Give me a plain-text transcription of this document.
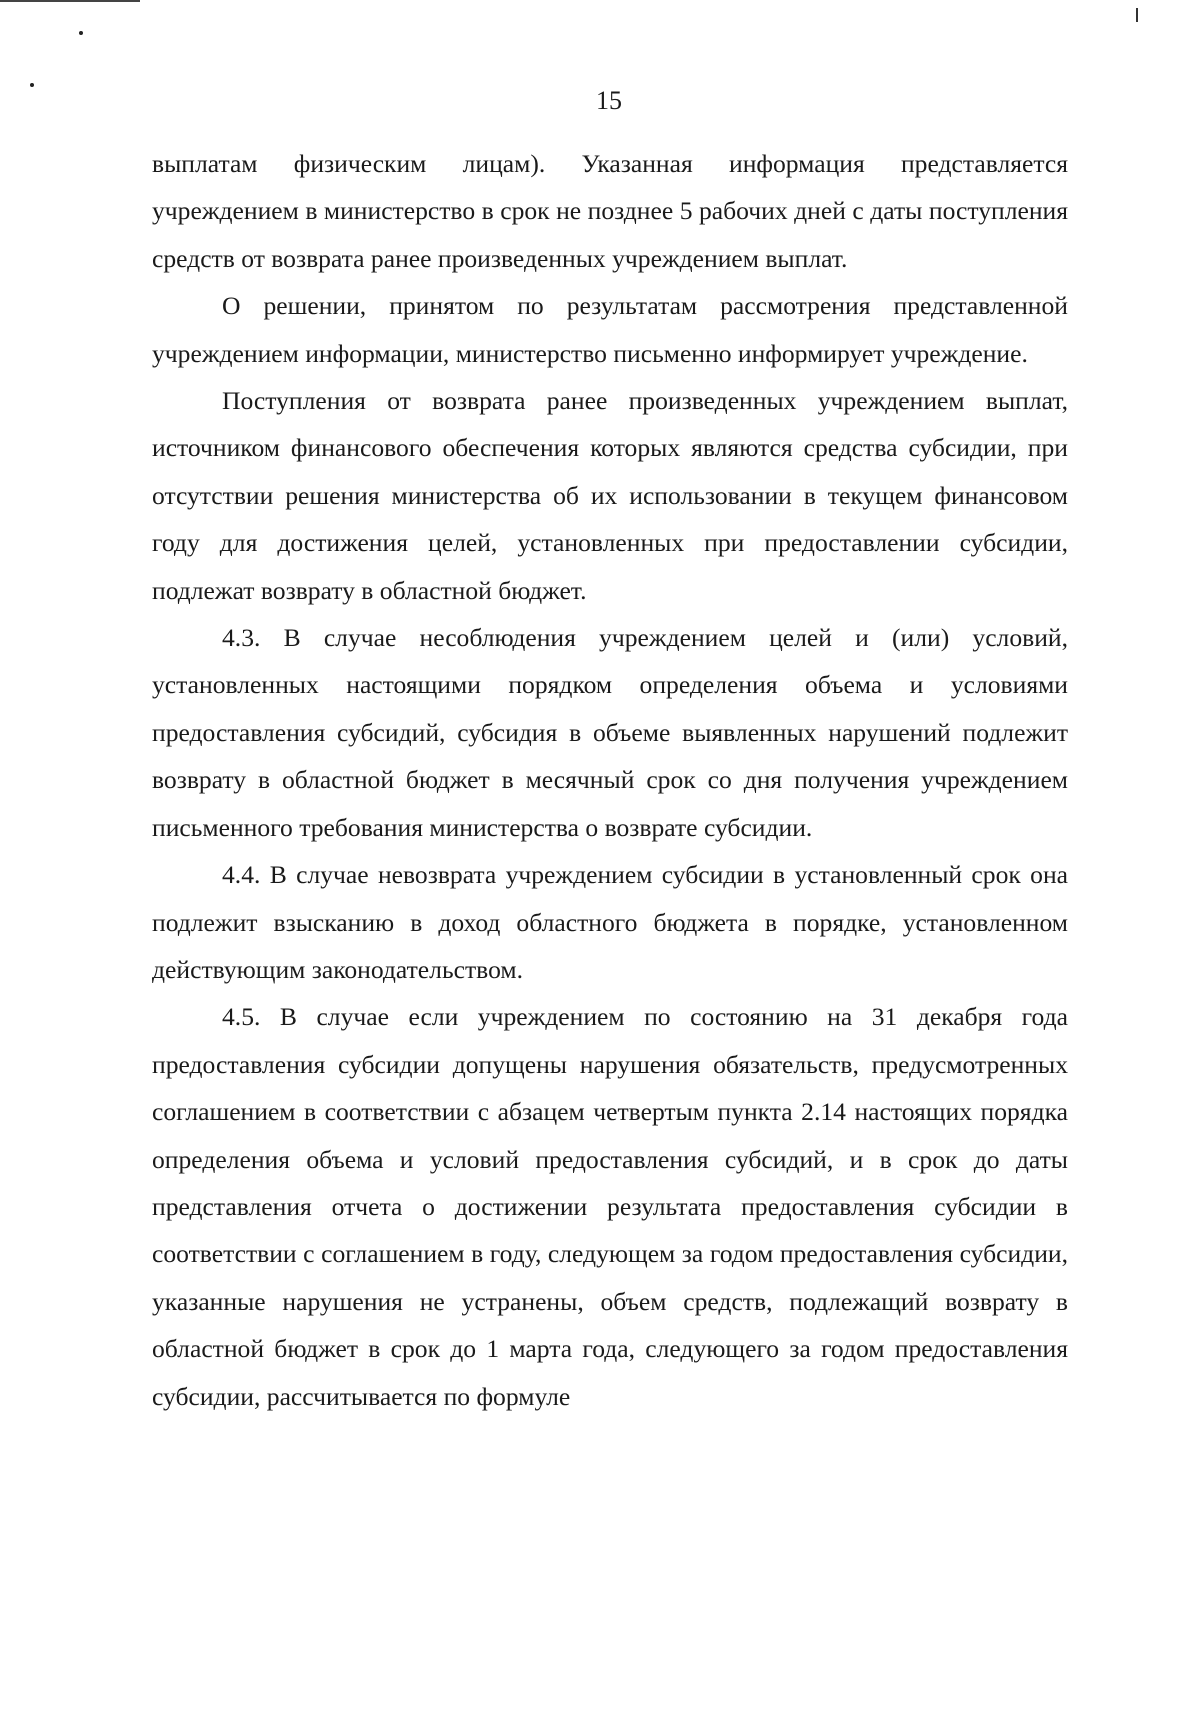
15

выплатам физическим лицам). Указанная информация представляется учреждением в министерство в срок не позднее 5 рабочих дней с даты поступления средств от возврата ранее произведенных учреждением выплат.

О решении, принятом по результатам рассмотрения представленной учреждением информации, министерство письменно информирует учреждение.

Поступления от возврата ранее произведенных учреждением выплат, источником финансового обеспечения которых являются средства субсидии, при отсутствии решения министерства об их использовании в текущем финансовом году для достижения целей, установленных при предоставлении субсидии, подлежат возврату в областной бюджет.

4.3. В случае несоблюдения учреждением целей и (или) условий, установленных настоящими порядком определения объема и условиями предоставления субсидий, субсидия в объеме выявленных нарушений подлежит возврату в областной бюджет в месячный срок со дня получения учреждением письменного требования министерства о возврате субсидии.

4.4. В случае невозврата учреждением субсидии в установленный срок она подлежит взысканию в доход областного бюджета в порядке, установленном действующим законодательством.

4.5. В случае если учреждением по состоянию на 31 декабря года предоставления субсидии допущены нарушения обязательств, предусмотренных соглашением в соответствии с абзацем четвертым пункта 2.14 настоящих порядка определения объема и условий предоставления субсидий, и в срок до даты представления отчета о достижении результата предоставления субсидии в соответствии с соглашением в году, следующем за годом предоставления субсидии, указанные нарушения не устранены, объем средств, подлежащий возврату в областной бюджет в срок до 1 марта года, следующего за годом предоставления субсидии, рассчитывается по формуле
